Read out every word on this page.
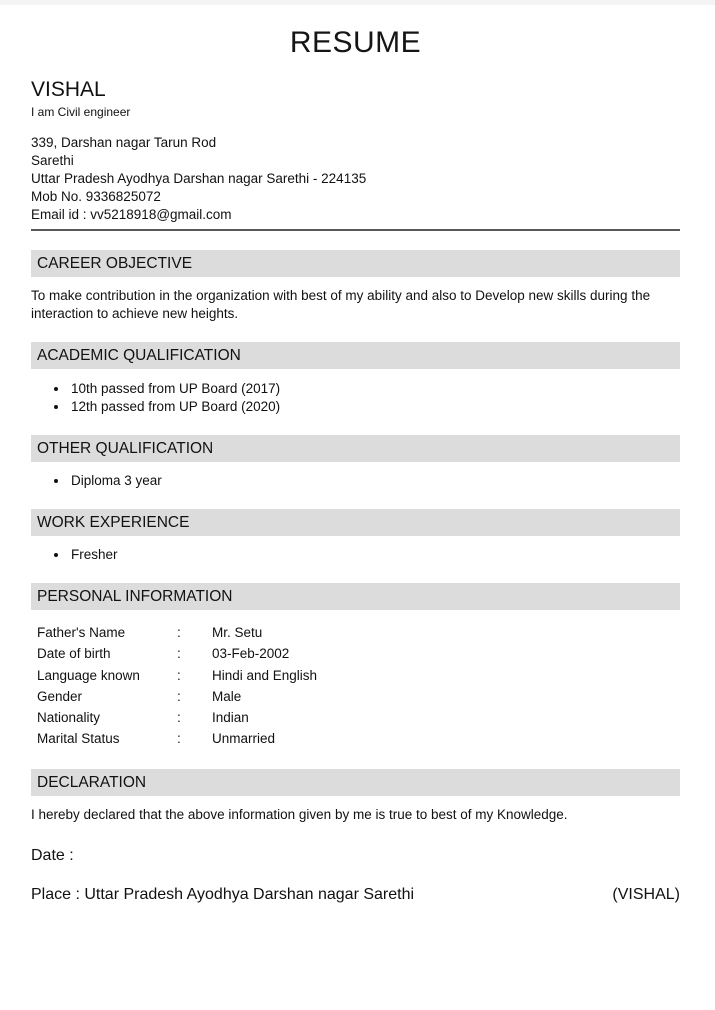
RESUME
VISHAL
I am Civil engineer
339, Darshan nagar Tarun Rod
Sarethi
Uttar Pradesh Ayodhya Darshan nagar Sarethi - 224135
Mob No. 9336825072
Email id : vv5218918@gmail.com
CAREER OBJECTIVE

To make contribution in the organization with best of my ability and also to Develop new skills during the interaction to achieve new heights.

ACADEMIC QUALIFICATION
• 10th passed from UP Board (2017)
• 12th passed from UP Board (2020)
OTHER QUALIFICATION
• Diploma 3 year
WORK EXPERIENCE
• Fresher
PERSONAL INFORMATION
Father's Name	:	Mr. Setu
Date of birth	:	03-Feb-2002
Language known	:	Hindi and English
Gender	:	Male
Nationality	:	Indian
Marital Status	:	Unmarried
DECLARATION

I hereby declared that the above information given by me is true to best of my Knowledge.

Date :
Place : Uttar Pradesh Ayodhya Darshan nagar Sarethi	(VISHAL)
